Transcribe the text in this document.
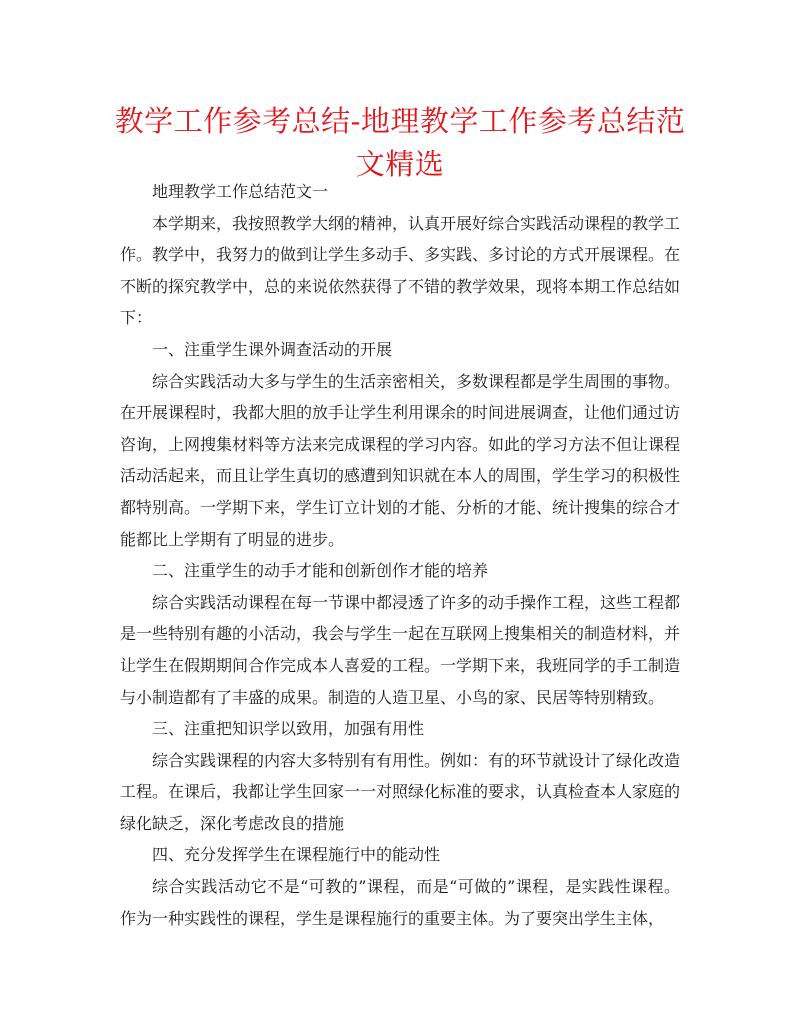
教学工作参考总结-地理教学工作参考总结范文精选

地理教学工作总结范文一

本学期来，我按照教学大纲的精神，认真开展好综合实践活动课程的教学工作。教学中，我努力的做到让学生多动手、多实践、多讨论的方式开展课程。在不断的探究教学中，总的来说依然获得了不错的教学效果，现将本期工作总结如下：

一、注重学生课外调查活动的开展

综合实践活动大多与学生的生活亲密相关，多数课程都是学生周围的事物。在开展课程时，我都大胆的放手让学生利用课余的时间进展调查，让他们通过访咨询，上网搜集材料等方法来完成课程的学习内容。如此的学习方法不但让课程活动活起来，而且让学生真切的感遭到知识就在本人的周围，学生学习的积极性都特别高。一学期下来，学生订立计划的才能、分析的才能、统计搜集的综合才能都比上学期有了明显的进步。

二、注重学生的动手才能和创新创作才能的培养

综合实践活动课程在每一节课中都浸透了许多的动手操作工程，这些工程都是一些特别有趣的小活动，我会与学生一起在互联网上搜集相关的制造材料，并让学生在假期期间合作完成本人喜爱的工程。一学期下来，我班同学的手工制造与小制造都有了丰盛的成果。制造的人造卫星、小鸟的家、民居等特别精致。

三、注重把知识学以致用，加强有用性

综合实践课程的内容大多特别有有用性。例如：有的环节就设计了绿化改造工程。在课后，我都让学生回家一一对照绿化标准的要求，认真检查本人家庭的绿化缺乏，深化考虑改良的措施

四、充分发挥学生在课程施行中的能动性

综合实践活动它不是“可教的”课程，而是“可做的”课程，是实践性课程。作为一种实践性的课程，学生是课程施行的重要主体。为了要突出学生主体，
